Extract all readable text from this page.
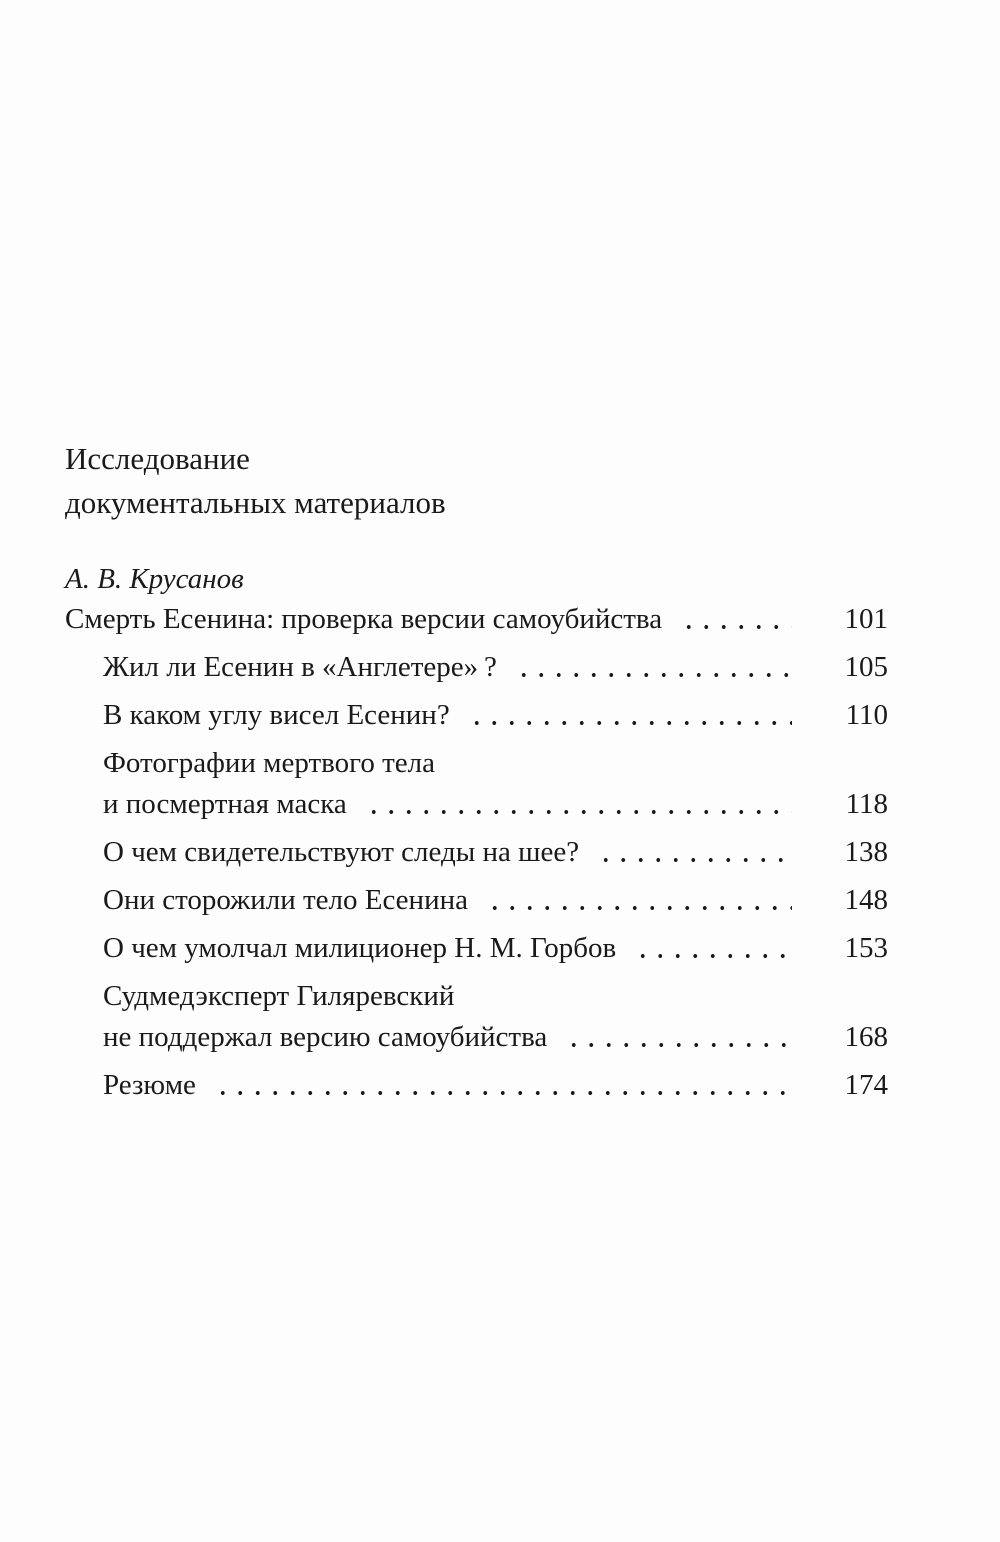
Исследование
документальных материалов
А. В. Крусанов
Смерть Есенина: проверка версии самоубийства	101
Жил ли Есенин в «Англетере» ?	105
В каком углу висел Есенин?	110
Фотографии мертвого тела
и посмертная маска	118
О чем свидетельствуют следы на шее?	138
Они сторожили тело Есенина	148
О чем умолчал милиционер Н. М. Горбов	153
Судмедэксперт Гиляревский
не поддержал версию самоубийства	168
Резюме	174
